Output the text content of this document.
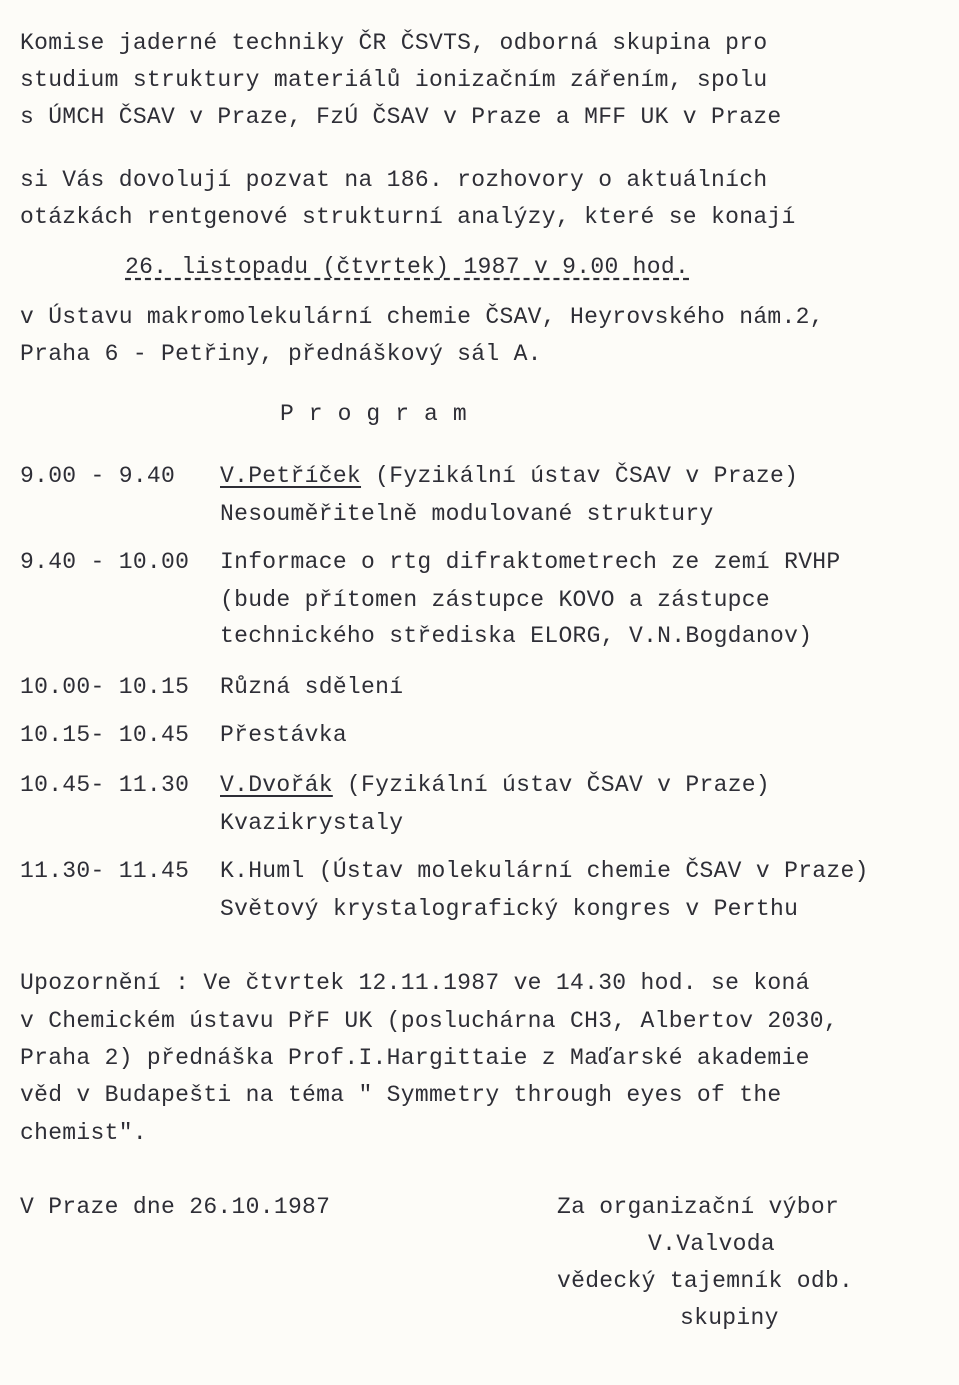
Komise jaderné techniky ČR ČSVTS, odborná skupina pro
studium struktury materiálů ionizačním zářením, spolu
s ÚMCH ČSAV v Praze, FzÚ ČSAV v Praze a MFF UK v Praze
si Vás dovolují pozvat na 186. rozhovory o aktuálních
otázkách rentgenové strukturní analýzy, které se konají
26. listopadu (čtvrtek) 1987 v 9.00 hod.
v Ústavu makromolekulární chemie ČSAV, Heyrovského nám.2,
Praha 6 - Petřiny, přednáškový sál A.
Program
9.00 - 9.40 V.Petříček (Fyzikální ústav ČSAV v Praze)
Nesouměřitelně modulované struktury
9.40 - 10.00 Informace o rtg difraktometrech ze zemí RVHP
(bude přítomen zástupce KOVO a zástupce
technického střediska ELORG, V.N.Bogdanov)
10.00- 10.15 Různá sdělení
10.15- 10.45 Přestávka
10.45- 11.30 V.Dvořák (Fyzikální ústav ČSAV v Praze)
Kvazikrystaly
11.30- 11.45 K.Huml (Ústav molekulární chemie ČSAV v Praze)
Světový krystalografický kongres v Perthu
Upozornění : Ve čtvrtek 12.11.1987 ve 14.30 hod. se koná
v Chemickém ústavu PřF UK (posluchárna CH3, Albertov 2030,
Praha 2) přednáška Prof.I.Hargittaie z Maďarské akademie
věd v Budapešti na téma " Symmetry through eyes of the
chemist".
V Praze dne 26.10.1987	Za organizační výbor
V.Valvoda
vědecký tajemník odb.
skupiny
